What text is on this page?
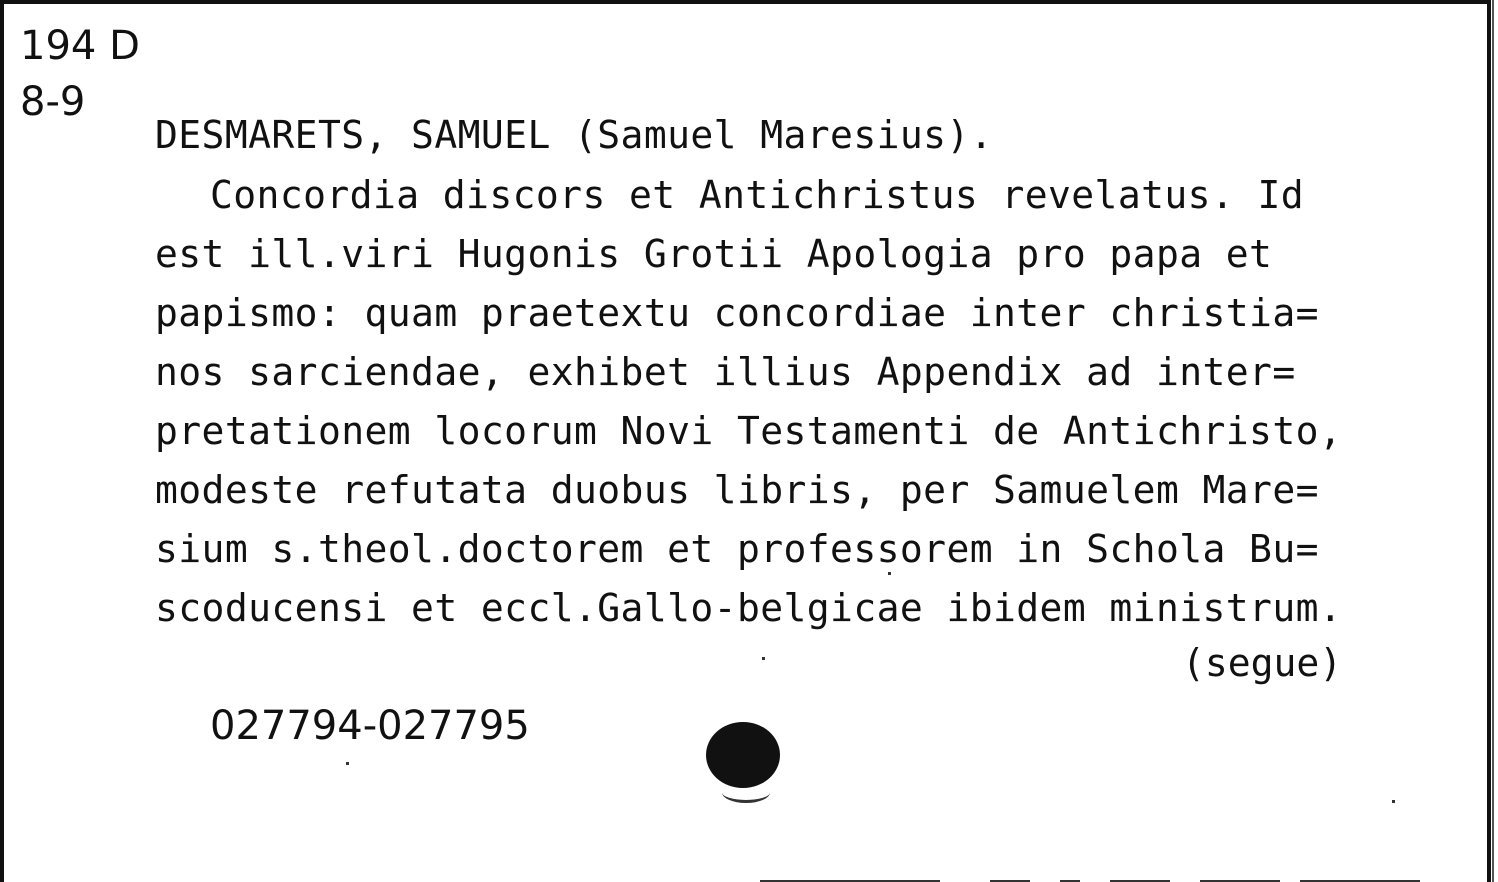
194 D
8-9
DESMARETS, SAMUEL (Samuel Maresius).
Concordia discors et Antichristus revelatus. Id
est ill.viri Hugonis Grotii Apologia pro papa et
papismo: quam praetextu concordiae inter christia=
nos sarciendae, exhibet illius Appendix ad inter=
pretationem locorum Novi Testamenti de Antichristo,
modeste refutata duobus libris, per Samuelem Mare=
sium s.theol.doctorem et professorem in Schola Bu=
scoducensi et eccl.Gallo-belgicae ibidem ministrum.
(segue)
027794-027795
